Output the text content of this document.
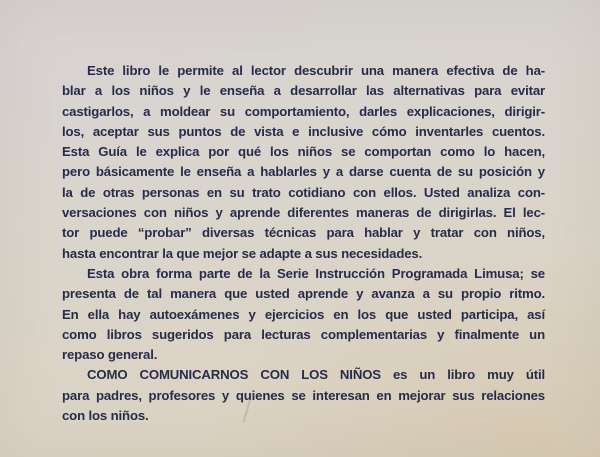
Este libro le permite al lector descubrir una manera efectiva de ha-
blar a los niños y le enseña a desarrollar las alternativas para evitar
castigarlos, a moldear su comportamiento, darles explicaciones, dirigir-
los, aceptar sus puntos de vista e inclusive cómo inventarles cuentos.
Esta Guía le explica por qué los niños se comportan como lo hacen,
pero básicamente le enseña a hablarles y a darse cuenta de su posición y
la de otras personas en su trato cotidiano con ellos. Usted analiza con-
versaciones con niños y aprende diferentes maneras de dirigirlas. El lec-
tor puede “probar” diversas técnicas para hablar y tratar con niños,
hasta encontrar la que mejor se adapte a sus necesidades.
Esta obra forma parte de la Serie Instrucción Programada Limusa; se
presenta de tal manera que usted aprende y avanza a su propio ritmo.
En ella hay autoexámenes y ejercicios en los que usted participa, así
como libros sugeridos para lecturas complementarias y finalmente un
repaso general.
COMO COMUNICARNOS CON LOS NIÑOS es un libro muy útil
para padres, profesores y quienes se interesan en mejorar sus relaciones
con los niños.
